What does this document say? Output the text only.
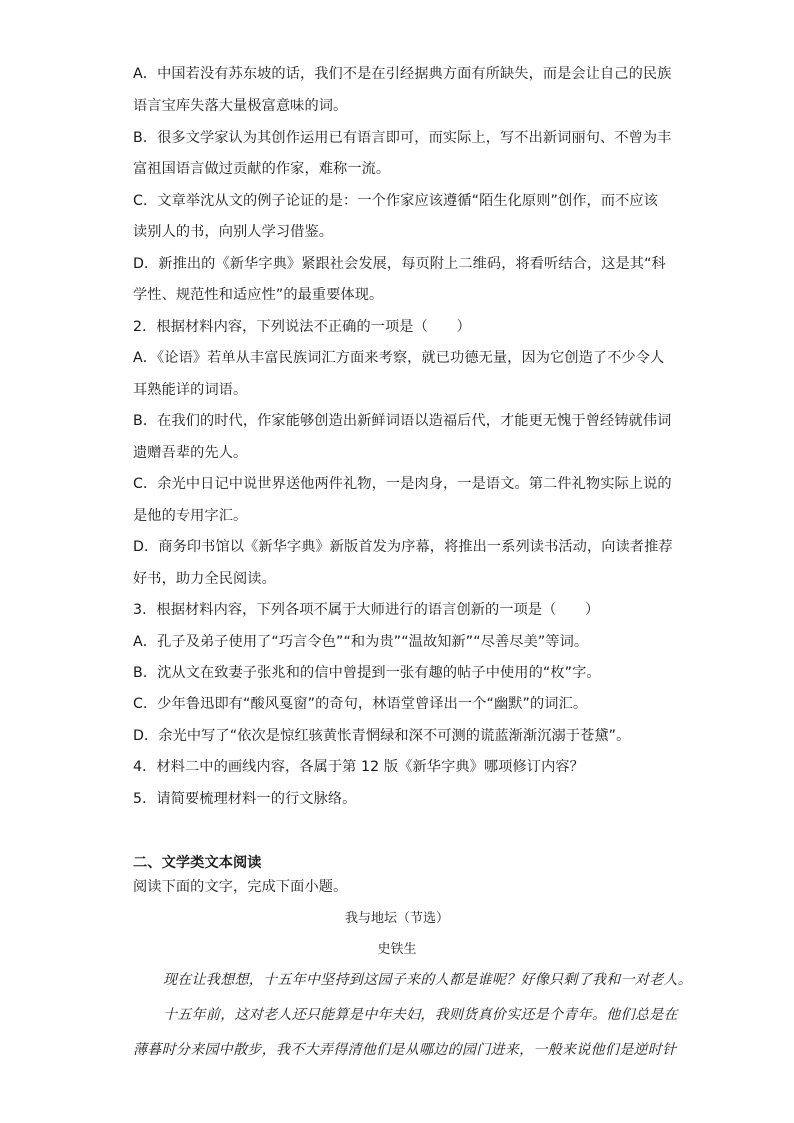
A．中国若没有苏东坡的话，我们不是在引经据典方面有所缺失，而是会让自己的民族
语言宝库失落大量极富意味的词。
B．很多文学家认为其创作运用已有语言即可，而实际上，写不出新词丽句、不曾为丰
富祖国语言做过贡献的作家，难称一流。
C．文章举沈从文的例子论证的是：一个作家应该遵循“陌生化原则”创作，而不应该
读别人的书，向别人学习借鉴。
D．新推出的《新华字典》紧跟社会发展，每页附上二维码，将看听结合，这是其“科
学性、规范性和适应性”的最重要体现。
2．根据材料内容，下列说法不正确的一项是（　　）
A．《论语》若单从丰富民族词汇方面来考察，就已功德无量，因为它创造了不少令人
耳熟能详的词语。
B．在我们的时代，作家能够创造出新鲜词语以造福后代，才能更无愧于曾经铸就伟词
遗赠吾辈的先人。
C．余光中日记中说世界送他两件礼物，一是肉身，一是语文。第二件礼物实际上说的
是他的专用字汇。
D．商务印书馆以《新华字典》新版首发为序幕，将推出一系列读书活动，向读者推荐
好书，助力全民阅读。
3．根据材料内容，下列各项不属于大师进行的语言创新的一项是（　　）
A．孔子及弟子使用了“巧言令色”“和为贵”“温故知新”“尽善尽美”等词。
B．沈从文在致妻子张兆和的信中曾提到一张有趣的帖子中使用的“枚”字。
C．少年鲁迅即有“酸风戛窗”的奇句，林语堂曾译出一个“幽默”的词汇。
D．余光中写了“依次是惊红骇黄怅青惘绿和深不可测的谎蓝渐渐沉溺于苍黛”。
4．材料二中的画线内容，各属于第 12 版《新华字典》哪项修订内容？
5．请简要梳理材料一的行文脉络。
二、文学类文本阅读
阅读下面的文字，完成下面小题。
我与地坛（节选）
史铁生
现在让我想想，十五年中坚持到这园子来的人都是谁呢？好像只剩了我和一对老人。
十五年前，这对老人还只能算是中年夫妇，我则货真价实还是个青年。他们总是在
薄暮时分来园中散步，我不大弄得清他们是从哪边的园门进来，一般来说他们是逆时针
